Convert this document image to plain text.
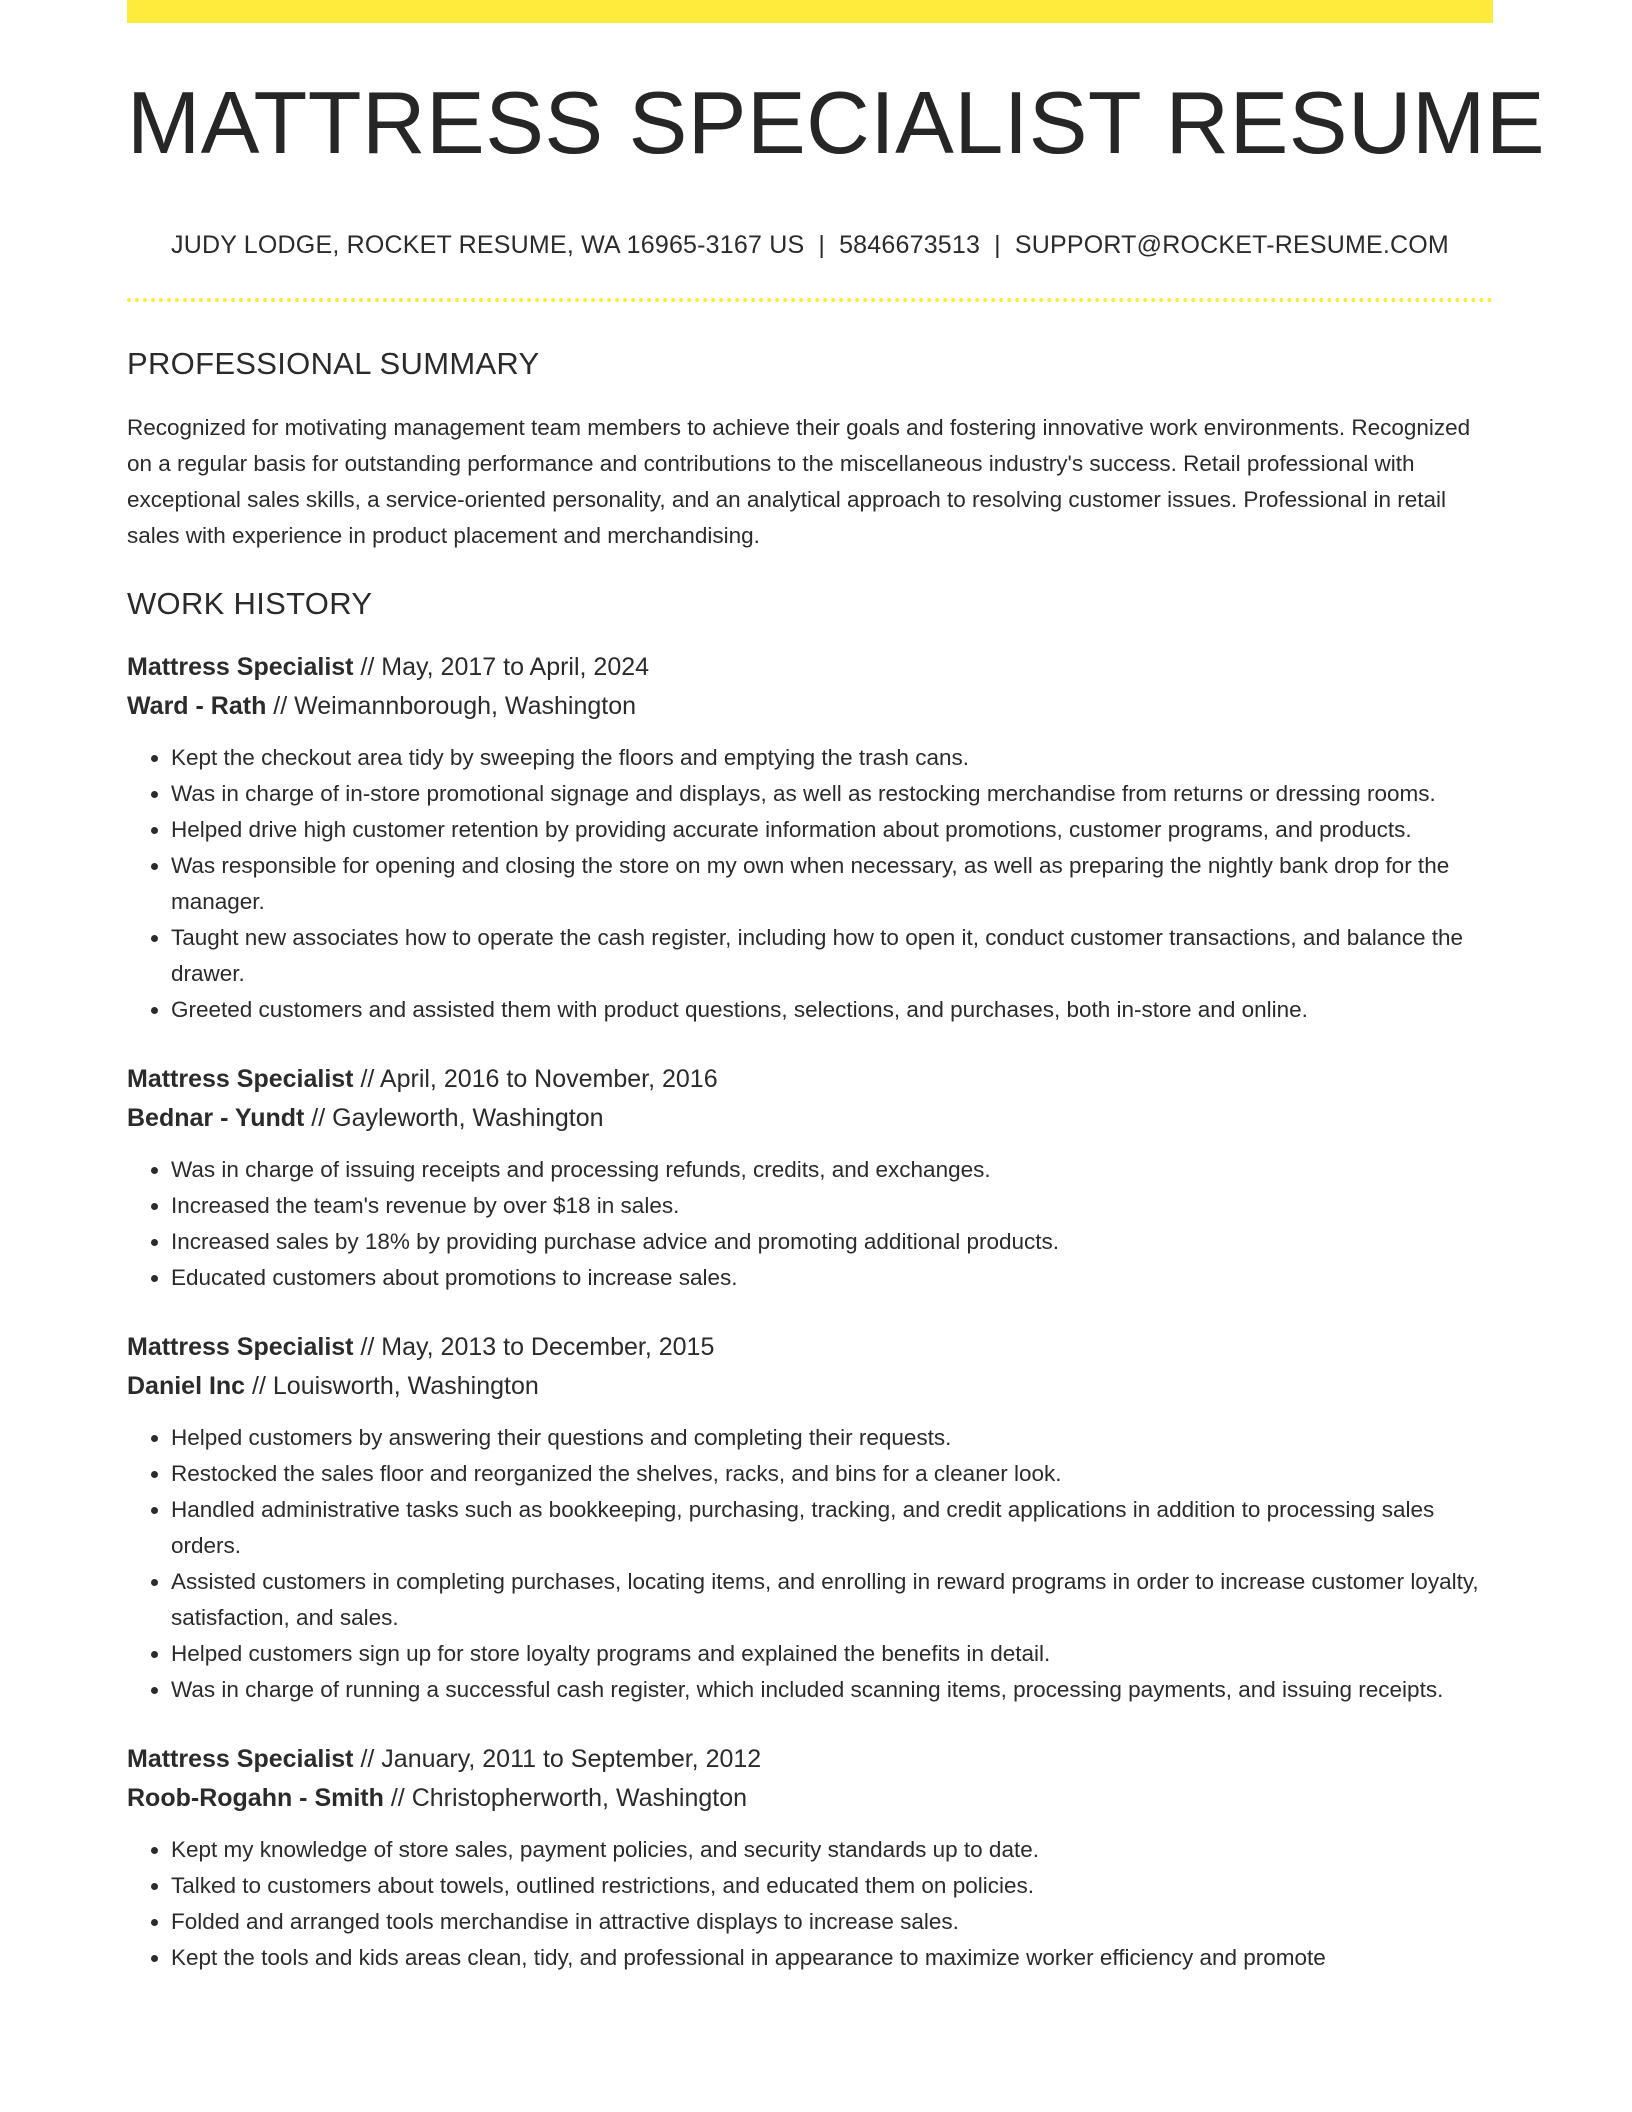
MATTRESS SPECIALIST RESUME
JUDY LODGE, ROCKET RESUME, WA 16965-3167 US | 5846673513 | SUPPORT@ROCKET-RESUME.COM
PROFESSIONAL SUMMARY

Recognized for motivating management team members to achieve their goals and fostering innovative work environments. Recognized on a regular basis for outstanding performance and contributions to the miscellaneous industry's success. Retail professional with exceptional sales skills, a service-oriented personality, and an analytical approach to resolving customer issues. Professional in retail sales with experience in product placement and merchandising.

WORK HISTORY
Mattress Specialist // May, 2017 to April, 2024
Ward - Rath // Weimannborough, Washington
• Kept the checkout area tidy by sweeping the floors and emptying the trash cans.
• Was in charge of in-store promotional signage and displays, as well as restocking merchandise from returns or dressing rooms.
• Helped drive high customer retention by providing accurate information about promotions, customer programs, and products.
• Was responsible for opening and closing the store on my own when necessary, as well as preparing the nightly bank drop for the manager.
• Taught new associates how to operate the cash register, including how to open it, conduct customer transactions, and balance the drawer.
• Greeted customers and assisted them with product questions, selections, and purchases, both in-store and online.
Mattress Specialist // April, 2016 to November, 2016
Bednar - Yundt // Gayleworth, Washington
• Was in charge of issuing receipts and processing refunds, credits, and exchanges.
• Increased the team's revenue by over $18 in sales.
• Increased sales by 18% by providing purchase advice and promoting additional products.
• Educated customers about promotions to increase sales.
Mattress Specialist // May, 2013 to December, 2015
Daniel Inc // Louisworth, Washington
• Helped customers by answering their questions and completing their requests.
• Restocked the sales floor and reorganized the shelves, racks, and bins for a cleaner look.
• Handled administrative tasks such as bookkeeping, purchasing, tracking, and credit applications in addition to processing sales orders.
• Assisted customers in completing purchases, locating items, and enrolling in reward programs in order to increase customer loyalty, satisfaction, and sales.
• Helped customers sign up for store loyalty programs and explained the benefits in detail.
• Was in charge of running a successful cash register, which included scanning items, processing payments, and issuing receipts.
Mattress Specialist // January, 2011 to September, 2012
Roob-Rogahn - Smith // Christopherworth, Washington
• Kept my knowledge of store sales, payment policies, and security standards up to date.
• Talked to customers about towels, outlined restrictions, and educated them on policies.
• Folded and arranged tools merchandise in attractive displays to increase sales.
• Kept the tools and kids areas clean, tidy, and professional in appearance to maximize worker efficiency and promote
